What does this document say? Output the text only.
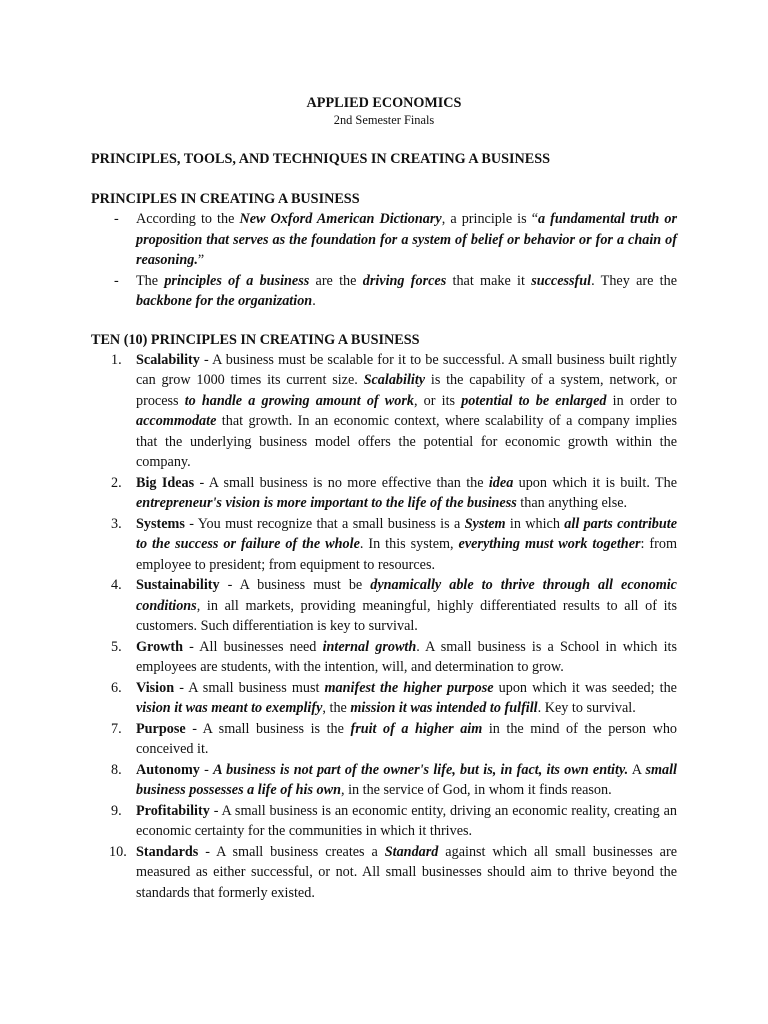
APPLIED ECONOMICS

2nd Semester Finals

PRINCIPLES, TOOLS, AND TECHNIQUES IN CREATING A BUSINESS

PRINCIPLES IN CREATING A BUSINESS

- According to the New Oxford American Dictionary, a principle is “a fundamental truth or proposition that serves as the foundation for a system of belief or behavior or for a chain of reasoning.”
- The principles of a business are the driving forces that make it successful. They are the backbone for the organization.

TEN (10) PRINCIPLES IN CREATING A BUSINESS

1. Scalability - A business must be scalable for it to be successful. A small business built rightly can grow 1000 times its current size. Scalability is the capability of a system, network, or process to handle a growing amount of work, or its potential to be enlarged in order to accommodate that growth. In an economic context, where scalability of a company implies that the underlying business model offers the potential for economic growth within the company.
2. Big Ideas - A small business is no more effective than the idea upon which it is built. The entrepreneur's vision is more important to the life of the business than anything else.
3. Systems - You must recognize that a small business is a System in which all parts contribute to the success or failure of the whole. In this system, everything must work together: from employee to president; from equipment to resources.
4. Sustainability - A business must be dynamically able to thrive through all economic conditions, in all markets, providing meaningful, highly differentiated results to all of its customers. Such differentiation is key to survival.
5. Growth - All businesses need internal growth. A small business is a School in which its employees are students, with the intention, will, and determination to grow.
6. Vision - A small business must manifest the higher purpose upon which it was seeded; the vision it was meant to exemplify, the mission it was intended to fulfill. Key to survival.
7. Purpose - A small business is the fruit of a higher aim in the mind of the person who conceived it.
8. Autonomy - A business is not part of the owner's life, but is, in fact, its own entity. A small business possesses a life of his own, in the service of God, in whom it finds reason.
9. Profitability - A small business is an economic entity, driving an economic reality, creating an economic certainty for the communities in which it thrives.
10. Standards - A small business creates a Standard against which all small businesses are measured as either successful, or not. All small businesses should aim to thrive beyond the standards that formerly existed.
